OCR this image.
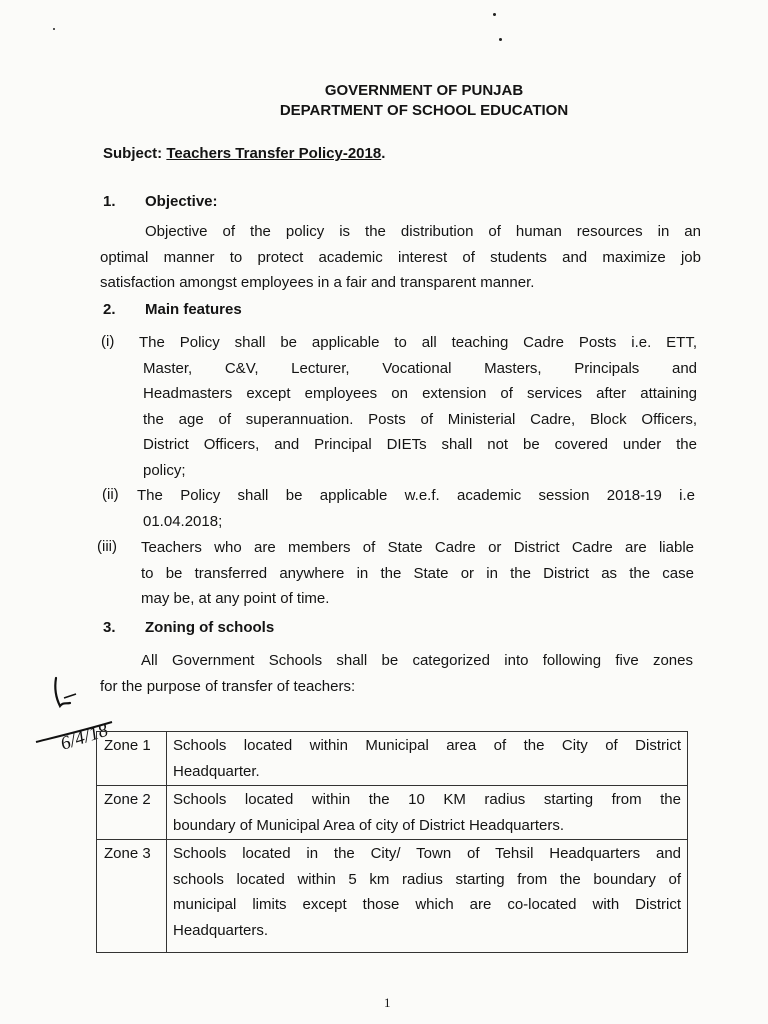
GOVERNMENT OF PUNJAB
DEPARTMENT OF SCHOOL EDUCATION
Subject: Teachers Transfer Policy-2018.
1. Objective:
Objective of the policy is the distribution of human resources in an
optimal manner to protect academic interest of students and maximize job
satisfaction amongst employees in a fair and transparent manner.
2. Main features
(i) The Policy shall be applicable to all teaching Cadre Posts i.e. ETT,
Master, C&V, Lecturer, Vocational Masters, Principals and
Headmasters except employees on extension of services after attaining
the age of superannuation. Posts of Ministerial Cadre, Block Officers,
District Officers, and Principal DIETs shall not be covered under the
policy;
(ii) The Policy shall be applicable w.e.f. academic session 2018-19 i.e
01.04.2018;
(iii) Teachers who are members of State Cadre or District Cadre are liable
to be transferred anywhere in the State or in the District as the case
may be, at any point of time.
3. Zoning of schools
All Government Schools shall be categorized into following five zones
for the purpose of transfer of teachers:
6/4/18
Zone 1	Schools located within Municipal area of the City of District
Headquarter.

Zone 2	Schools located within the 10 KM radius starting from the
boundary of Municipal Area of city of District Headquarters.

Zone 3	Schools located in the City/ Town of Tehsil Headquarters and
schools located within 5 km radius starting from the boundary of
municipal limits except those which are co-located with District
Headquarters.
1
